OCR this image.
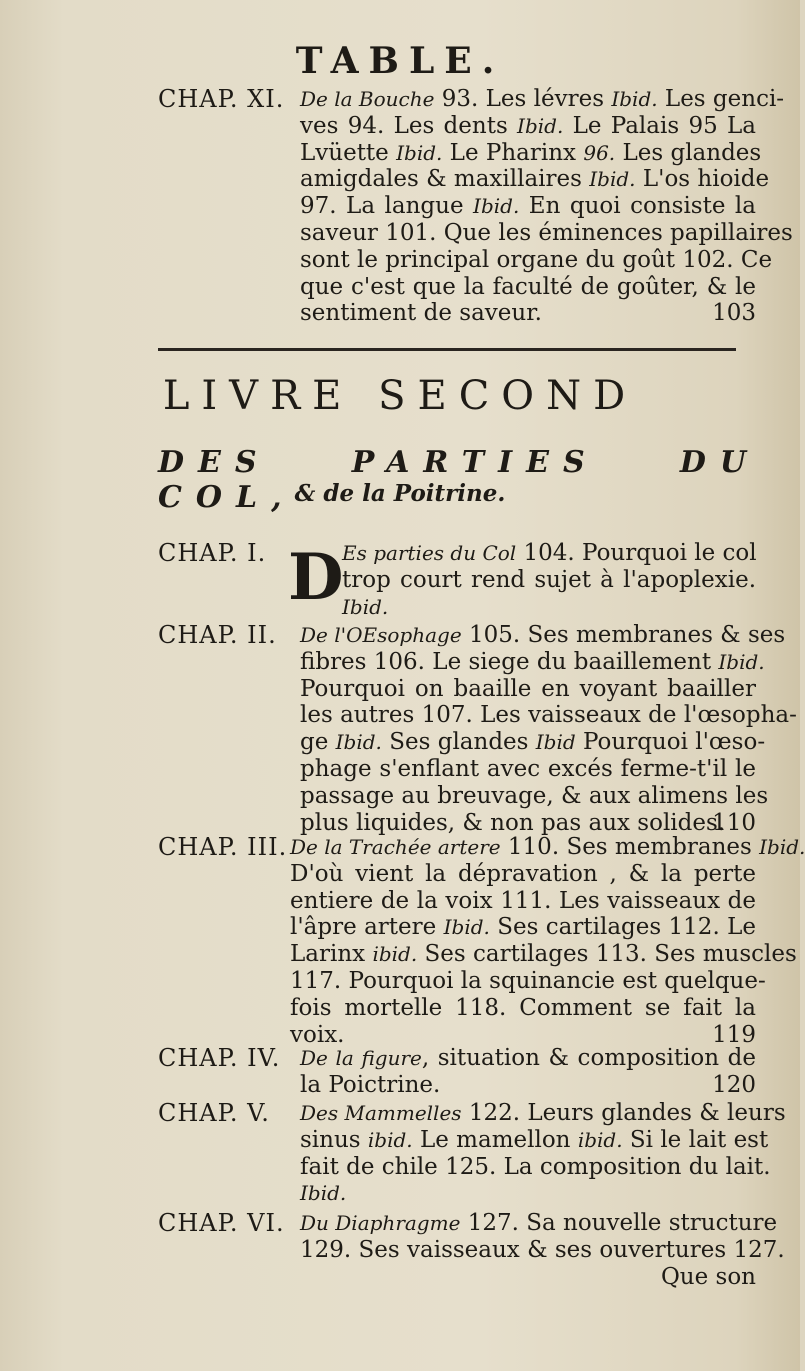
TABLE.
CHAP. XI. De la Bouche 93. Les lévres Ibid. Les genci-
ves 94. Les dents Ibid. Le Palais 95 La
Lvüette Ibid. Le Pharinx 96. Les glandes
amigdales & maxillaires Ibid. L'os hioide
97. La langue Ibid. En quoi consiste la
saveur 101. Que les éminences papillaires
sont le principal organe du goût 102. Ce
que c'est que la faculté de goûter, & le
103
sentiment de saveur.
LIVRE SECOND
DES PARTIES DU COL, & de la Poitrine.
CHAP. I.	Es parties du Col 104. Pourquoi le col
trop court rend sujet à l'apoplexie.
Ibid.
D
CHAP. II. De l'OEsophage 105. Ses membranes & ses
fibres 106. Le siege du baaillement Ibid.
Pourquoi on baaille en voyant baailler
les autres 107. Les vaisseaux de l'œsopha-
ge Ibid. Ses glandes Ibid Pourquoi l'œso-
phage s'enflant avec excés ferme-t'il le
passage au breuvage, & aux alimens les
110
plus liquides, & non pas aux solides.
CHAP. III. De la Trachée artere 110. Ses membranes Ibid.
D'où vient la dépravation , & la perte
entiere de la voix 111. Les vaisseaux de
l'âpre artere Ibid. Ses cartilages 112. Le
Larinx ibid. Ses cartilages 113. Ses muscles
117. Pourquoi la squinancie est quelque-
fois mortelle 118. Comment se fait la
119
voix.
CHAP. IV. De la figure, situation & composition de
120
la Poictrine.
CHAP. V. Des Mammelles 122. Leurs glandes & leurs
sinus ibid. Le mamellon ibid. Si le lait est
fait de chile 125. La composition du lait.
Ibid.
CHAP. VI. Du Diaphragme 127. Sa nouvelle structure
129. Ses vaisseaux & ses ouvertures 127.
Que son
